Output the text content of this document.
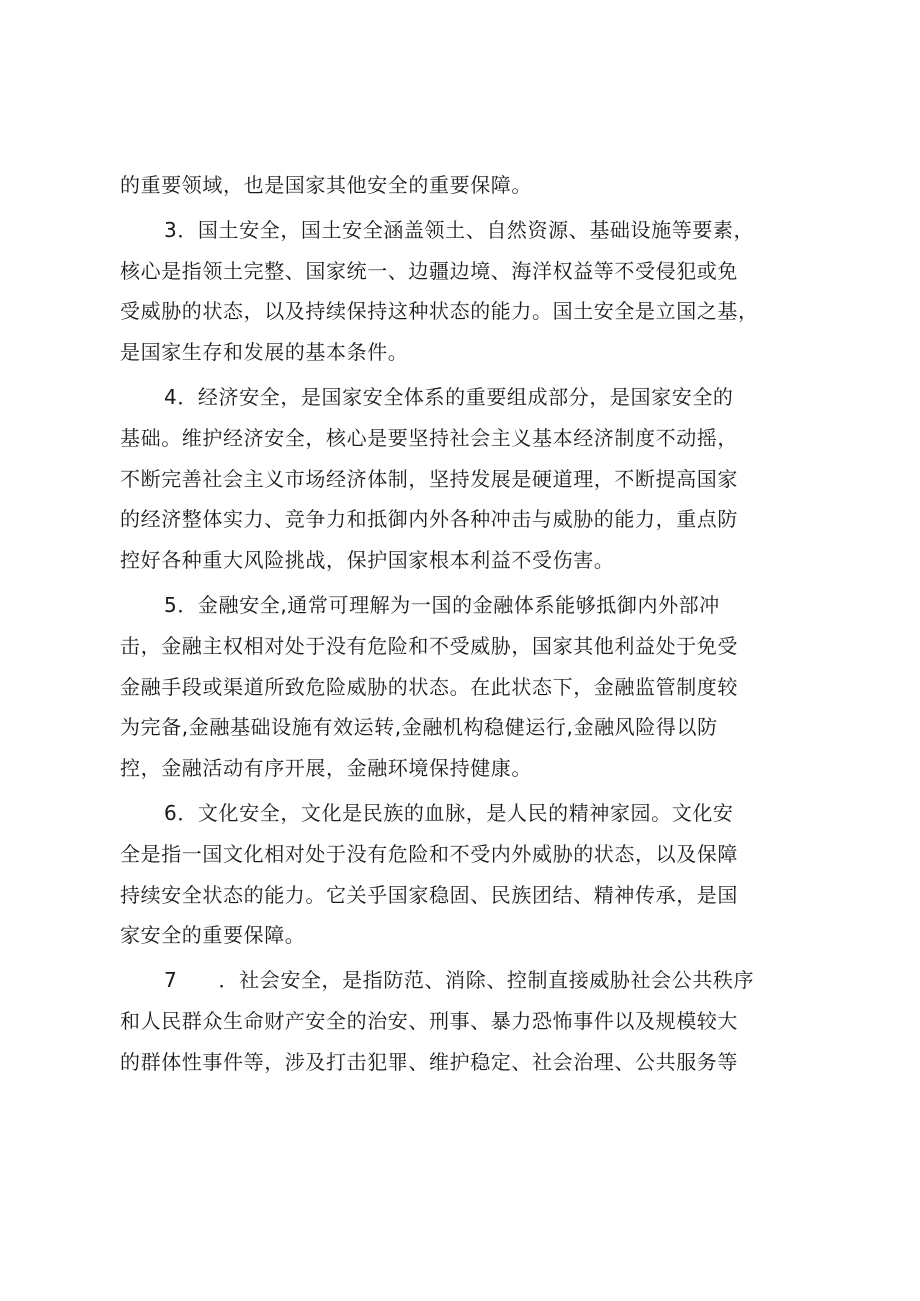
的重要领域，也是国家其他安全的重要保障。
3．国土安全，国土安全涵盖领土、自然资源、基础设施等要素，
核心是指领土完整、国家统一、边疆边境、海洋权益等不受侵犯或免
受威胁的状态，以及持续保持这种状态的能力。国土安全是立国之基，
是国家生存和发展的基本条件。
4．经济安全，是国家安全体系的重要组成部分，是国家安全的
基础。维护经济安全，核心是要坚持社会主义基本经济制度不动摇，
不断完善社会主义市场经济体制，坚持发展是硬道理，不断提高国家
的经济整体实力、竞争力和抵御内外各种冲击与威胁的能力，重点防
控好各种重大风险挑战，保护国家根本利益不受伤害。
5．金融安全,通常可理解为一国的金融体系能够抵御内外部冲
击，金融主权相对处于没有危险和不受威胁，国家其他利益处于免受
金融手段或渠道所致危险威胁的状态。在此状态下，金融监管制度较
为完备,金融基础设施有效运转,金融机构稳健运行,金融风险得以防
控，金融活动有序开展，金融环境保持健康。
6．文化安全，文化是民族的血脉，是人民的精神家园。文化安
全是指一国文化相对处于没有危险和不受内外威胁的状态，以及保障
持续安全状态的能力。它关乎国家稳固、民族团结、精神传承，是国
家安全的重要保障。
7　　．社会安全，是指防范、消除、控制直接威胁社会公共秩序
和人民群众生命财产安全的治安、刑事、暴力恐怖事件以及规模较大
的群体性事件等，涉及打击犯罪、维护稳定、社会治理、公共服务等
